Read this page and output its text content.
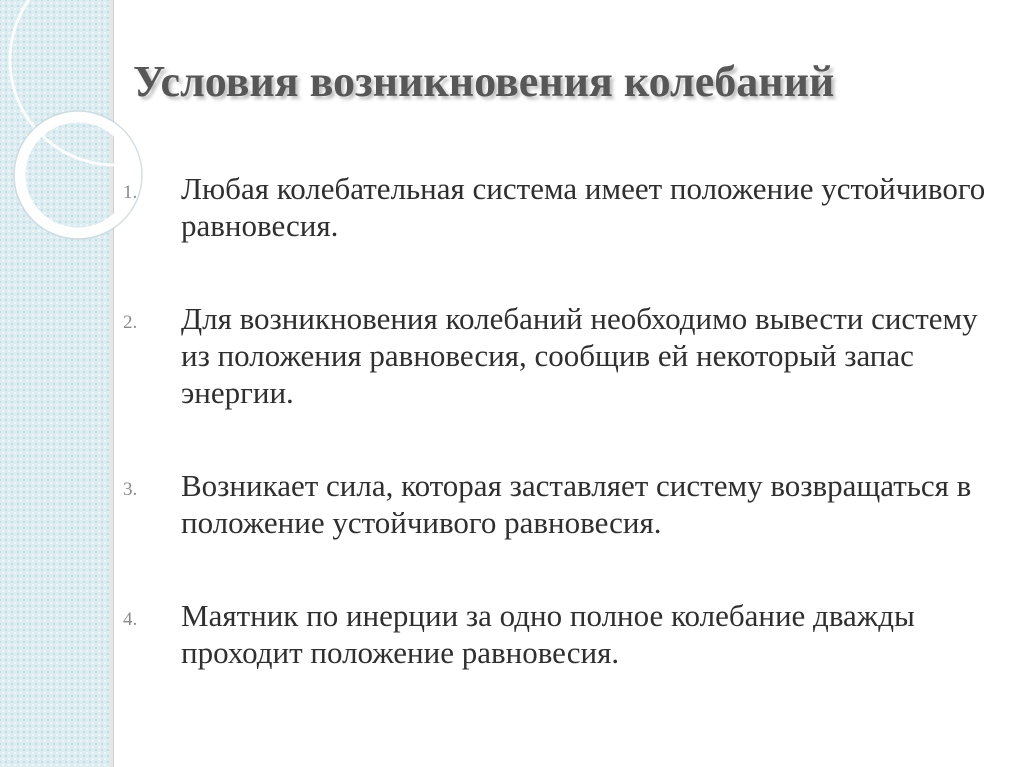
Условия возникновения колебаний
1. Любая колебательная система имеет положение устойчивого равновесия.
2. Для возникновения колебаний необходимо вывести систему из положения равновесия, сообщив ей некоторый запас энергии.
3. Возникает сила, которая заставляет систему возвращаться в положение устойчивого равновесия.
4. Маятник по инерции за одно полное колебание дважды проходит положение равновесия.
